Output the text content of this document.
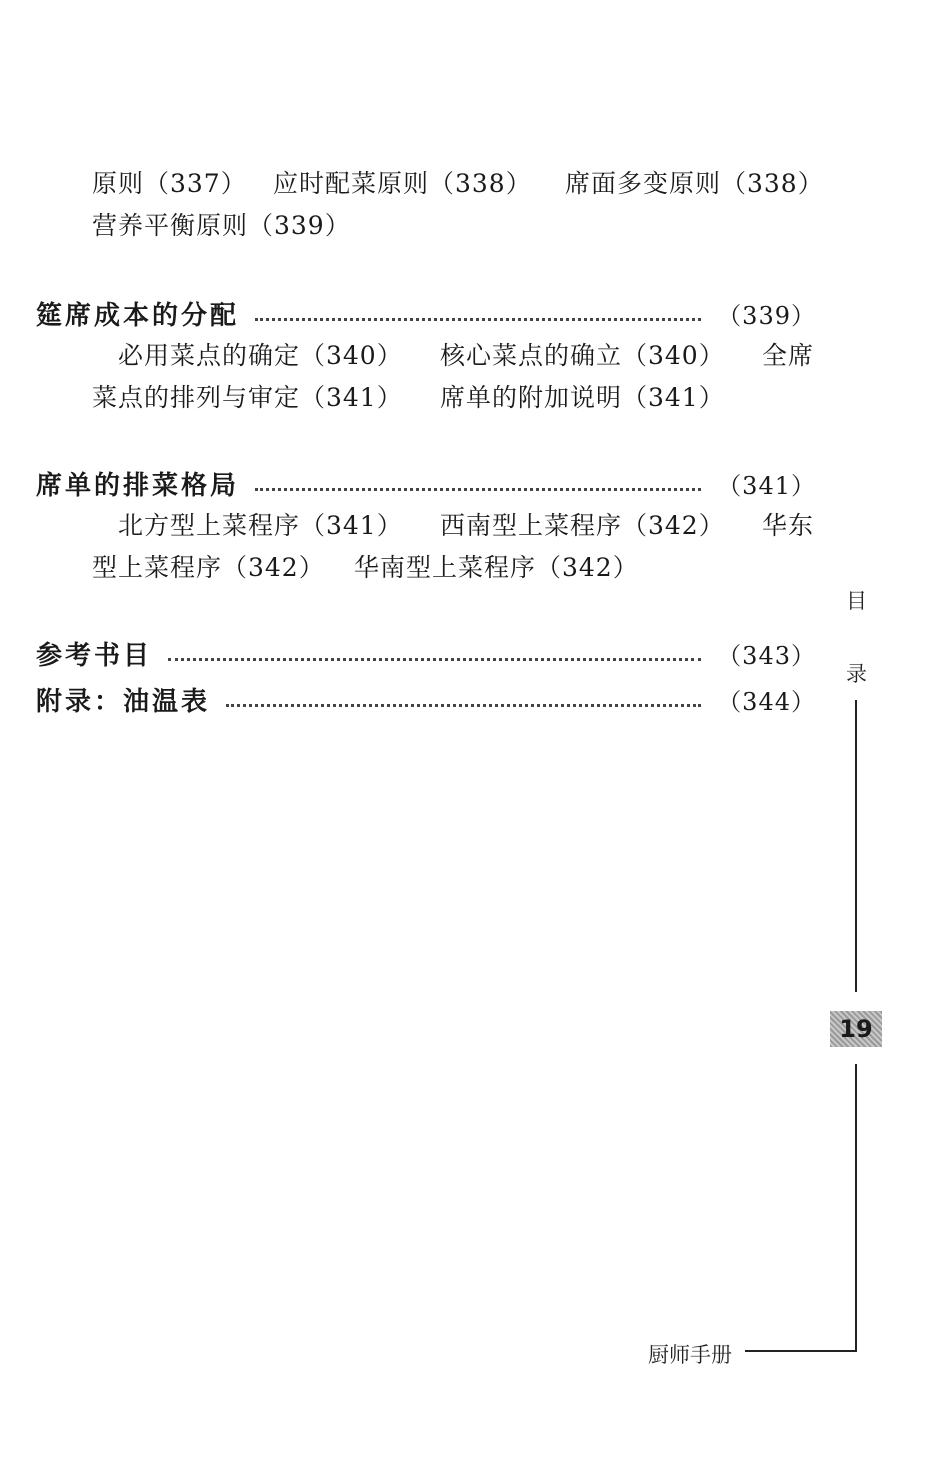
原则（337） 应时配菜原则（338） 席面多变原则（338）
营养平衡原则（339）
筵席成本的分配	（339）
必用菜点的确定（340） 核心菜点的确立（340） 全席
菜点的排列与审定（341） 席单的附加说明（341）
席单的排菜格局	（341）
北方型上菜程序（341） 西南型上菜程序（342） 华东
型上菜程序（342） 华南型上菜程序（342）
参考书目	（343）
附录：油温表	（344）
目
录
19
厨师手册
